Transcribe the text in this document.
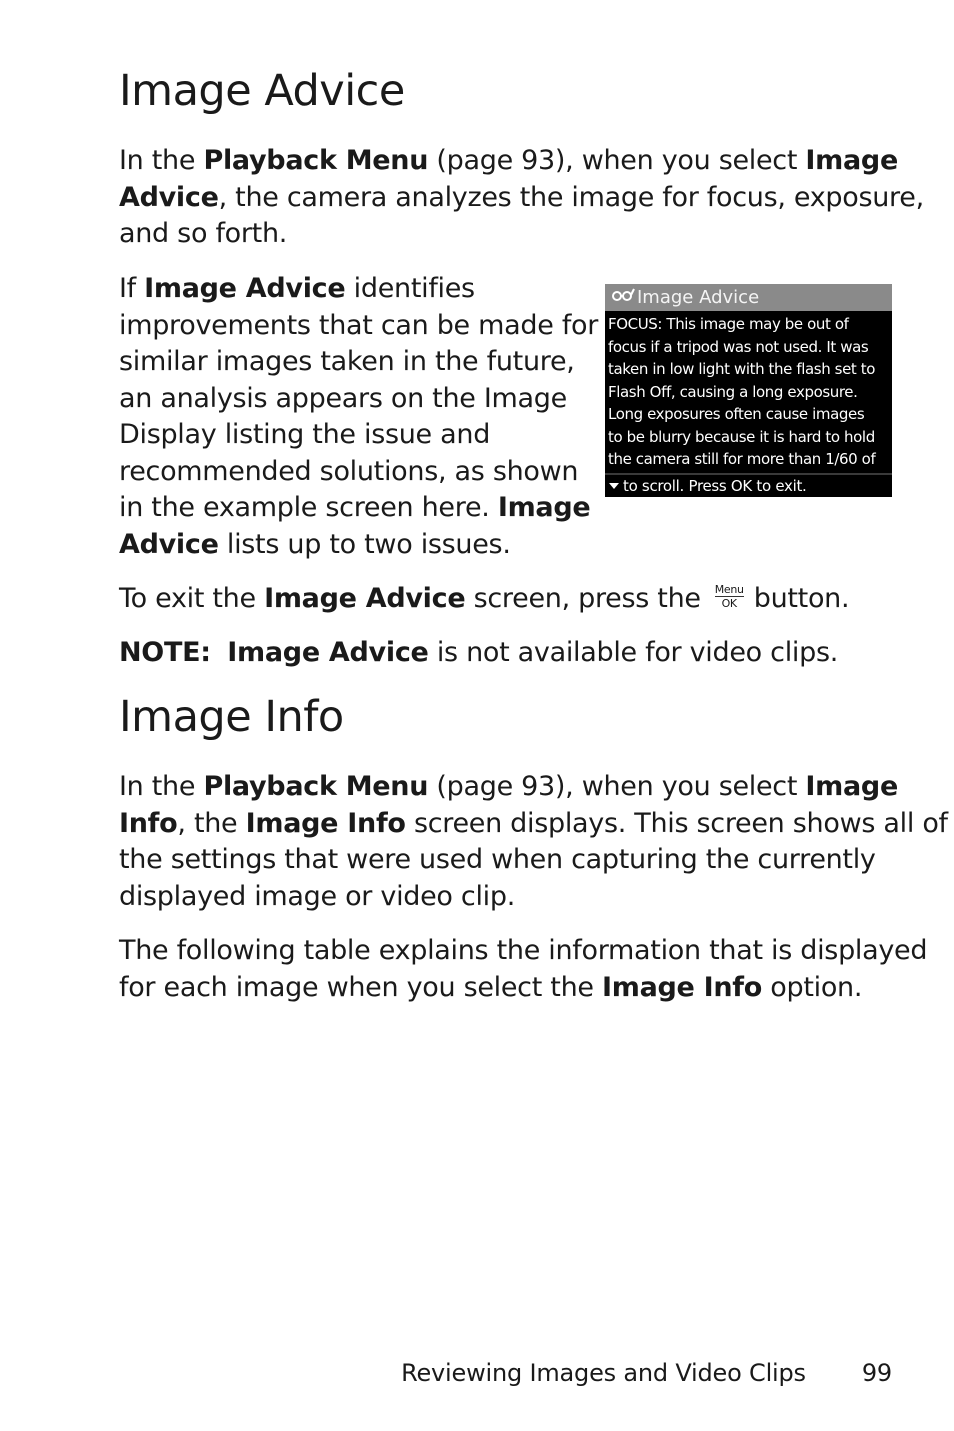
Image Advice

In the Playback Menu (page 93), when you select Image
Advice, the camera analyzes the image for focus, exposure,
and so forth.

If Image Advice identifies
improvements that can be made for
similar images taken in the future,
an analysis appears on the Image
Display listing the issue and
recommended solutions, as shown
in the example screen here. Image
Advice lists up to two issues.

Image Advice
FOCUS: This image may be out of
focus if a tripod was not used. It was
taken in low light with the flash set to
Flash Off, causing a long exposure.
Long exposures often cause images
to be blurry because it is hard to hold
the camera still for more than 1/60 of
to scroll. Press OK to exit.

To exit the Image Advice screen, press the Menu
OK button.

NOTE: Image Advice is not available for video clips.

Image Info

In the Playback Menu (page 93), when you select Image
Info, the Image Info screen displays. This screen shows all of
the settings that were used when capturing the currently
displayed image or video clip.

The following table explains the information that is displayed
for each image when you select the Image Info option.

Reviewing Images and Video Clips 99
